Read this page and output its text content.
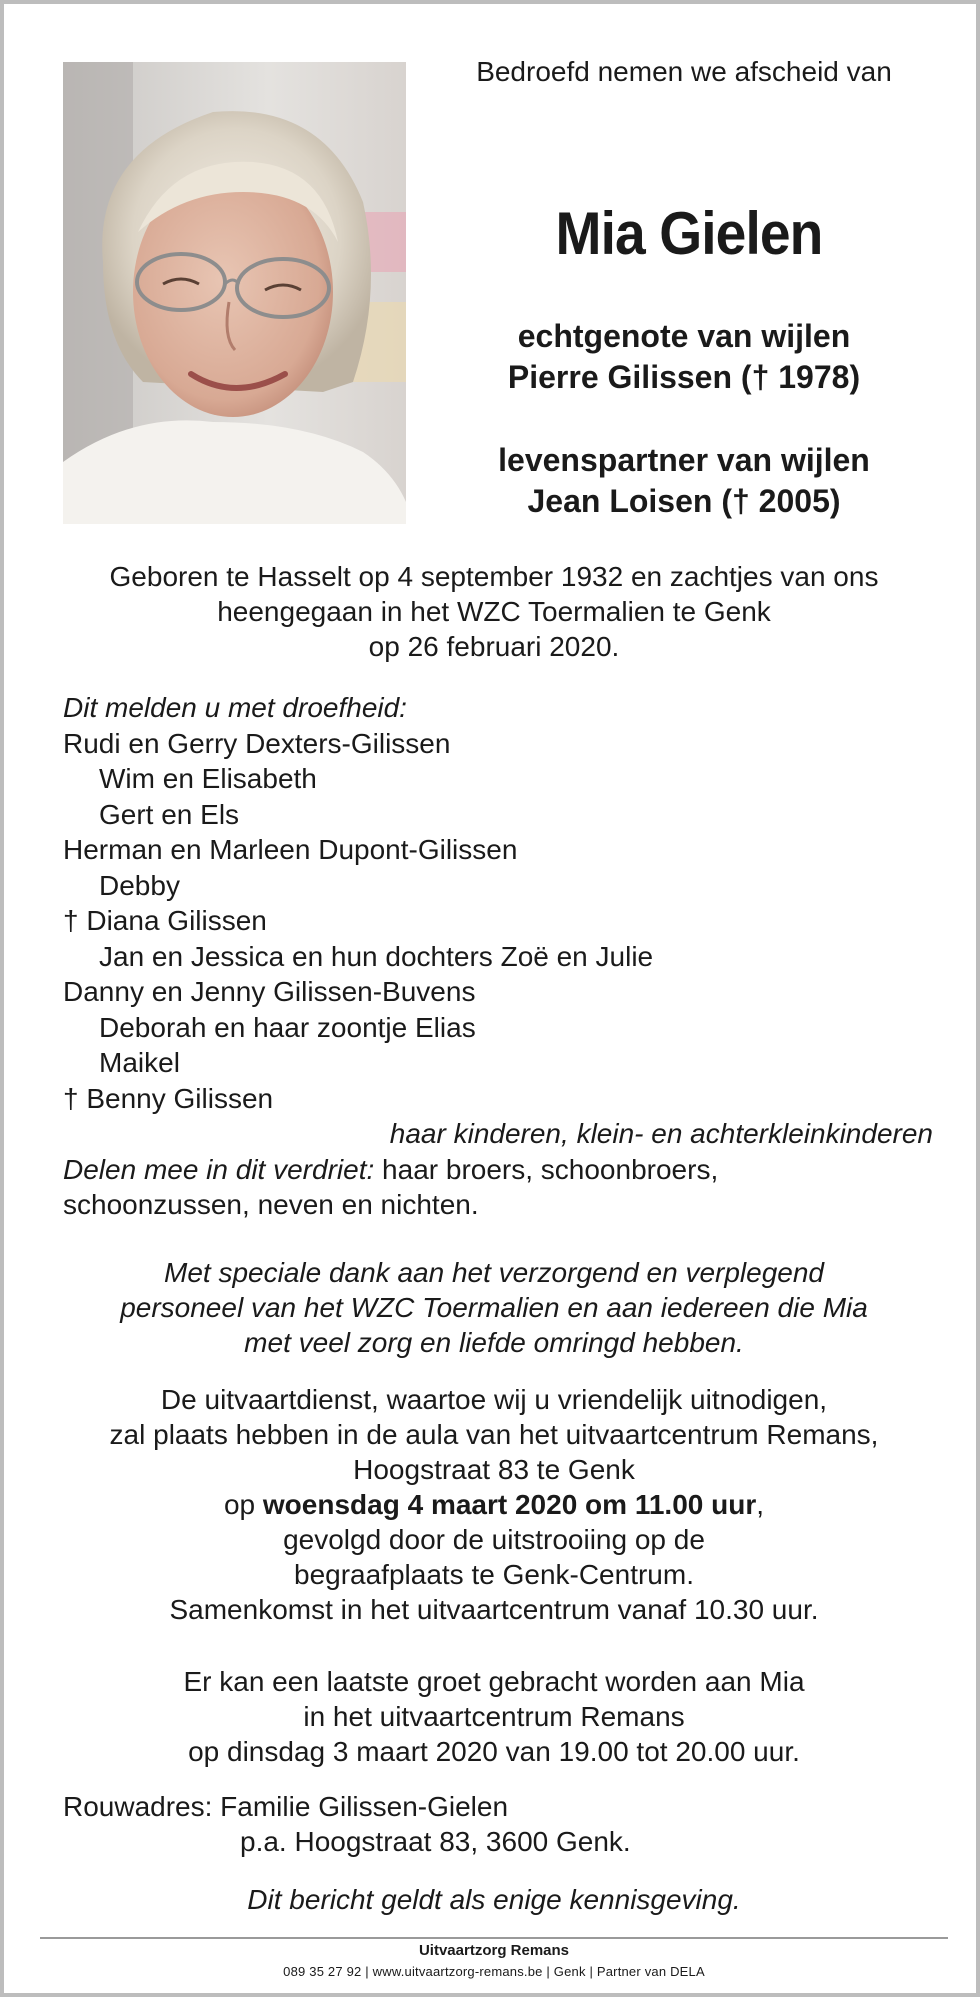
Bedroefd nemen we afscheid van
Mia Gielen
echtgenote van wijlen
Pierre Gilissen († 1978)
levenspartner van wijlen
Jean Loisen († 2005)
Geboren te Hasselt op 4 september 1932 en zachtjes van ons
heengegaan in het WZC Toermalien te Genk
op 26 februari 2020.
Dit melden u met droefheid:
Rudi en Gerry Dexters-Gilissen
Wim en Elisabeth
Gert en Els
Herman en Marleen Dupont-Gilissen
Debby
† Diana Gilissen
Jan en Jessica en hun dochters Zoë en Julie
Danny en Jenny Gilissen-Buvens
Deborah en haar zoontje Elias
Maikel
† Benny Gilissen
haar kinderen, klein- en achterkleinkinderen
Delen mee in dit verdriet: haar broers, schoonbroers,
schoonzussen, neven en nichten.
Met speciale dank aan het verzorgend en verplegend
personeel van het WZC Toermalien en aan iedereen die Mia
met veel zorg en liefde omringd hebben.
De uitvaartdienst, waartoe wij u vriendelijk uitnodigen,
zal plaats hebben in de aula van het uitvaartcentrum Remans,
Hoogstraat 83 te Genk
op woensdag 4 maart 2020 om 11.00 uur,
gevolgd door de uitstrooiing op de
begraafplaats te Genk-Centrum.
Samenkomst in het uitvaartcentrum vanaf 10.30 uur.
Er kan een laatste groet gebracht worden aan Mia
in het uitvaartcentrum Remans
op dinsdag 3 maart 2020 van 19.00 tot 20.00 uur.
Rouwadres: Familie Gilissen-Gielen
p.a. Hoogstraat 83, 3600 Genk.
Dit bericht geldt als enige kennisgeving.
Uitvaartzorg Remans
089 35 27 92 | www.uitvaartzorg-remans.be | Genk | Partner van DELA
